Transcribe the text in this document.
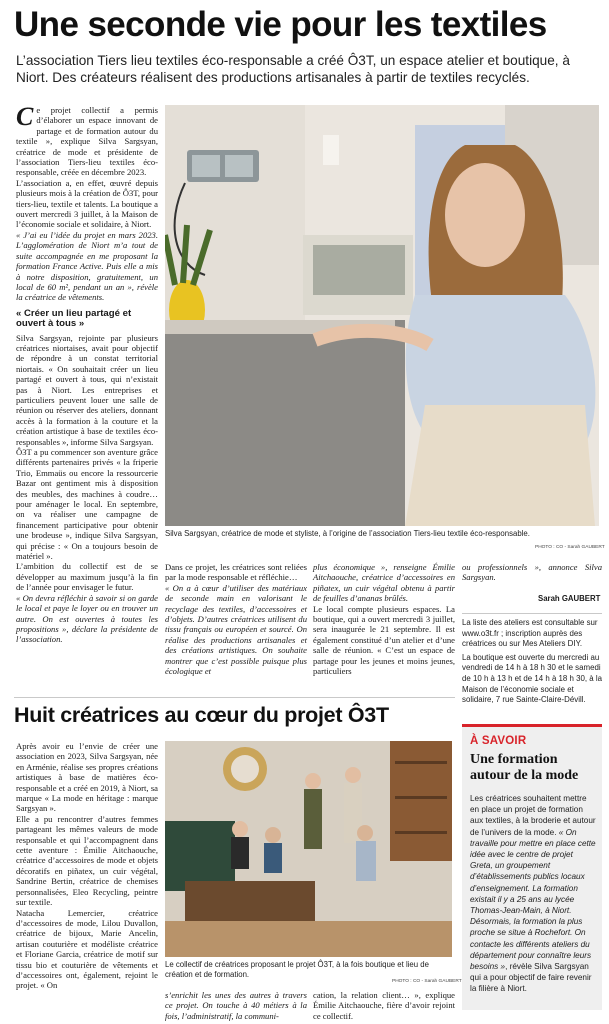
Une seconde vie pour les textiles

L’association Tiers lieu textiles éco-responsable a créé Ô3T, un espace atelier et boutique, à Niort. Des créateurs réalisent des productions artisanales à partir de textiles recyclés.

Ce projet collectif a permis d’élaborer un espace innovant de partage et de formation autour du textile », explique Silva Sargsyan, créatrice de mode et présidente de l’association Tiers-lieu textiles éco-responsable, créée en décembre 2023.

L’association a, en effet, œuvré depuis plusieurs mois à la création de Ô3T, pour tiers-lieu, textile et talents. La boutique a ouvert mercredi 3 juillet, à la Maison de l’économie sociale et solidaire, à Niort.

« J’ai eu l’idée du projet en mars 2023. L’agglomération de Niort m’a tout de suite accompagnée en me proposant la formation France Active. Puis elle a mis à notre disposition, gratuitement, un local de 60 m², pendant un an », révèle la créatrice de vêtements.

« Créer un lieu partagé et ouvert à tous »

Silva Sargsyan, rejointe par plusieurs créatrices niortaises, avait pour objectif de répondre à un constat territorial niortais. « On souhaitait créer un lieu partagé et ouvert à tous, qui n’existait pas à Niort. Les entreprises et particuliers peuvent louer une salle de réunion ou réserver des ateliers, donnant accès à la formation à la couture et la création artistique à base de textiles éco-responsables », informe Silva Sargsyan.

Ô3T a pu commencer son aventure grâce différents partenaires privés « la friperie Trio, Emmaüs ou encore la ressourcerie Bazar ont gentiment mis à disposition des meubles, des machines à coudre… pour aménager le local. En septembre, on va réaliser une campagne de financement participative pour obtenir une brodeuse », indique Silva Sargsyan, qui précise : « On a toujours besoin de matériel ».

L’ambition du collectif est de se développer au maximum jusqu’à la fin de l’année pour envisager le futur.

« On devra réfléchir à savoir si on garde le local et paye le loyer ou en trouver un autre. On est ouvertes à toutes les propositions », déclare la présidente de l’association.

Silva Sargsyan, créatrice de mode et styliste, à l’origine de l’association Tiers-lieu textile éco-responsable.
PHOTO : CO - Sarah GAUBERT

Dans ce projet, les créatrices sont reliées par la mode responsable et réfléchie…

« On a à cœur d’utiliser des matériaux de seconde main en valorisant le recyclage des textiles, d’accessoires et d’objets. D’autres créatrices utilisent du tissu français ou européen et sourcé. On réalise des productions artisanales et des créations artistiques. On souhaite montrer que c’est possible puisque plus écologique et

plus économique », renseigne Émilie Aitchaouche, créatrice d’accessoires en piñatex, un cuir végétal obtenu à partir de feuilles d’ananas brûlés.

Le local compte plusieurs espaces. La boutique, qui a ouvert mercredi 3 juillet, sera inaugurée le 21 septembre. Il est également constitué d’un atelier et d’une salle de réunion. « C’est un espace de partage pour les jeunes et moins jeunes, particuliers

ou professionnels », annonce Silva Sargsyan.

Sarah GAUBERT

La liste des ateliers est consultable sur www.o3t.fr ; inscription auprès des créatrices ou sur Mes Ateliers DIY.

La boutique est ouverte du mercredi au vendredi de 14 h à 18 h 30 et le samedi de 10 h à 13 h et de 14 h à 18 h 30, à la Maison de l’économie sociale et solidaire, 7 rue Sainte-Claire-Dévill.

Huit créatrices au cœur du projet Ô3T

Après avoir eu l’envie de créer une association en 2023, Silva Sargsyan, née en Arménie, réalise ses propres créations artistiques à base de matières éco-responsable et a créé en 2019, à Niort, sa marque « La mode en héritage : marque Sargsyan ».

Elle a pu rencontrer d’autres femmes partageant les mêmes valeurs de mode responsable et qui l’accompagnent dans cette aventure : Émilie Aitchaouche, créatrice d’accessoires de mode et objets décoratifs en piñatex, un cuir végétal, Sandrine Bertin, créatrice de chemises personnalisées, Eleo Recycling, peintre sur textile.

Natacha Lemercier, créatrice d’accessoires de mode, Lilou Duvallon, créatrice de bijoux, Marie Ancelin, artisan couturière et modéliste créatrice et Floriane Garcia, créatrice de motif sur tissu bio et couturière de vêtements et d’accessoires ont, également, rejoint le projet. « On

Le collectif de créatrices proposant le projet Ô3T, à la fois boutique et lieu de création et de formation.
PHOTO : CO - Sarah GAUBERT

s’enrichit les unes des autres à travers ce projet. On touche à 40 métiers à la fois, l’administratif, la communi-

cation, la relation client… », explique Émilie Aitchaouche, fière d’avoir rejoint ce collectif.

À SAVOIR
Une formation autour de la mode
Les créatrices souhaitent mettre en place un projet de formation aux textiles, à la broderie et autour de l’univers de la mode. « On travaille pour mettre en place cette idée avec le centre de projet Greta, un groupement d’établissements publics locaux d’enseignement. La formation existait il y a 25 ans au lycée Thomas-Jean-Main, à Niort. Désormais, la formation la plus proche se situe à Rochefort. On contacte les différents ateliers du département pour connaître leurs besoins », révèle Silva Sargsyan qui a pour objectif de faire revenir la filière à Niort.
